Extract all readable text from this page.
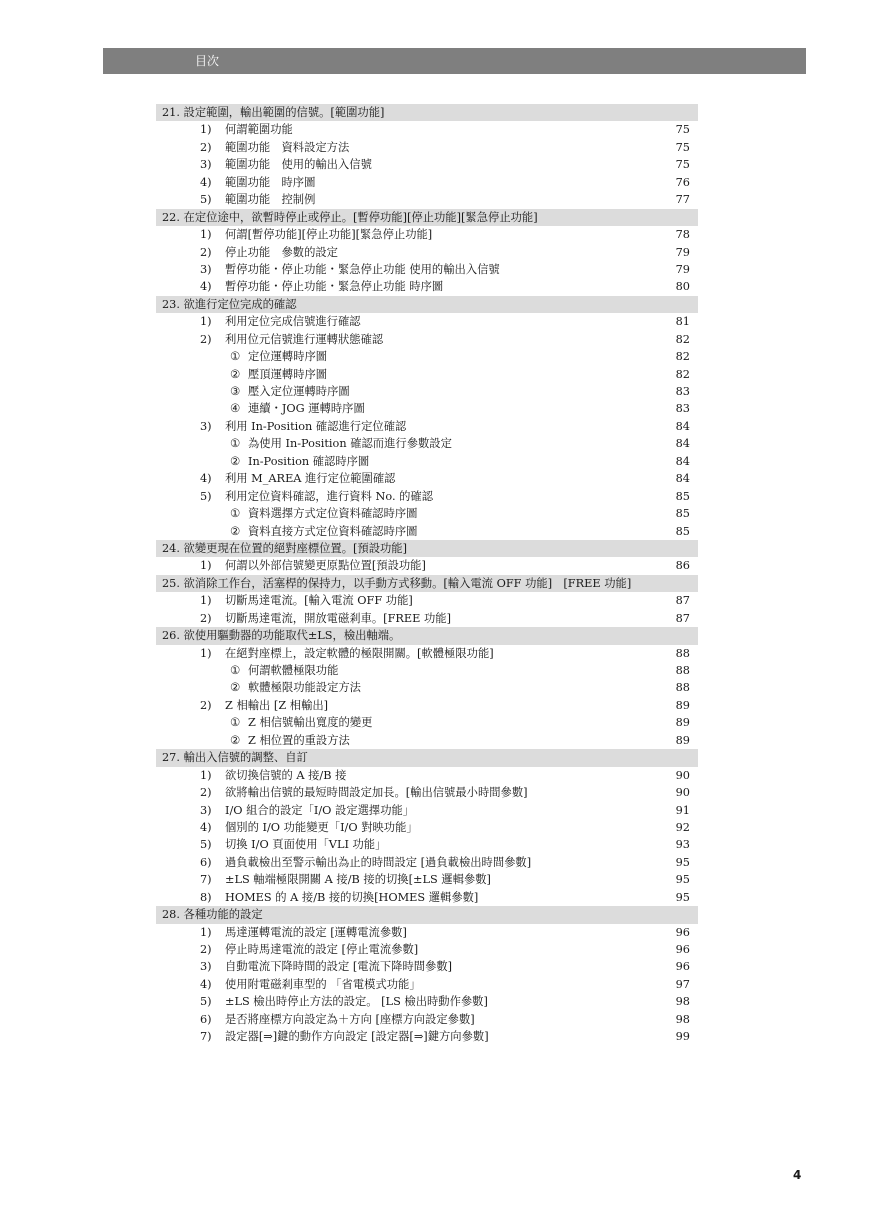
目次
21. 設定範圍，輸出範圍的信號。[範圍功能]
1)	何謂範圍功能	75
2)	範圍功能　資料設定方法	75
3)	範圍功能　使用的輸出入信號	75
4)	範圍功能　時序圖	76
5)	範圍功能　控制例	77
22. 在定位途中，欲暫時停止或停止。[暫停功能][停止功能][緊急停止功能]
1)	何謂[暫停功能][停止功能][緊急停止功能]	78
2)	停止功能　參數的設定	79
3)	暫停功能・停止功能・緊急停止功能 使用的輸出入信號	79
4)	暫停功能・停止功能・緊急停止功能 時序圖	80
23. 欲進行定位完成的確認
1)	利用定位完成信號進行確認	81
2)	利用位元信號進行運轉狀態確認	82
① 定位運轉時序圖	82
② 壓頂運轉時序圖	82
③ 壓入定位運轉時序圖	83
④ 連續・JOG 運轉時序圖	83
3)	利用 In-Position 確認進行定位確認	84
① 為使用 In-Position 確認而進行參數設定	84
② In-Position 確認時序圖	84
4)	利用 M_AREA 進行定位範圍確認	84
5)	利用定位資料確認，進行資料 No. 的確認	85
① 資料選擇方式定位資料確認時序圖	85
② 資料直接方式定位資料確認時序圖	85
24. 欲變更現在位置的絕對座標位置。[預設功能]
1)	何謂以外部信號變更原點位置[預設功能]	86
25. 欲消除工作台，活塞桿的保持力，以手動方式移動。[輸入電流 OFF 功能]　[FREE 功能]
1)	切斷馬達電流。[輸入電流 OFF 功能]	87
2)	切斷馬達電流，開放電磁剎車。[FREE 功能]	87
26. 欲使用驅動器的功能取代±LS，檢出軸端。
1)	在絕對座標上，設定軟體的極限開關。[軟體極限功能]	88
① 何謂軟體極限功能	88
② 軟體極限功能設定方法	88
2)	Z 相輸出 [Z 相輸出]	89
① Z 相信號輸出寬度的變更	89
② Z 相位置的重設方法	89
27. 輸出入信號的調整、自訂
1)	欲切換信號的 A 接/B 接	90
2)	欲將輸出信號的最短時間設定加長。[輸出信號最小時間參數]	90
3)	I/O 組合的設定「I/O 設定選擇功能」	91
4)	個別的 I/O 功能變更「I/O 對映功能」	92
5)	切換 I/O 頁面使用「VLI 功能」	93
6)	過負載檢出至警示輸出為止的時間設定 [過負載檢出時間參數]	95
7)	±LS 軸端極限開關 A 接/B 接的切換[±LS 邏輯參數]	95
8)	HOMES 的 A 接/B 接的切換[HOMES 邏輯參數]	95
28. 各種功能的設定
1)	馬達運轉電流的設定 [運轉電流參數]	96
2)	停止時馬達電流的設定 [停止電流參數]	96
3)	自動電流下降時間的設定 [電流下降時間參數]	96
4)	使用附電磁剎車型的 「省電模式功能」	97
5)	±LS 檢出時停止方法的設定。 [LS 檢出時動作參數]	98
6)	是否將座標方向設定為＋方向 [座標方向設定參數]	98
7)	設定器[⇒]鍵的動作方向設定 [設定器[⇒]鍵方向參數]	99
4
